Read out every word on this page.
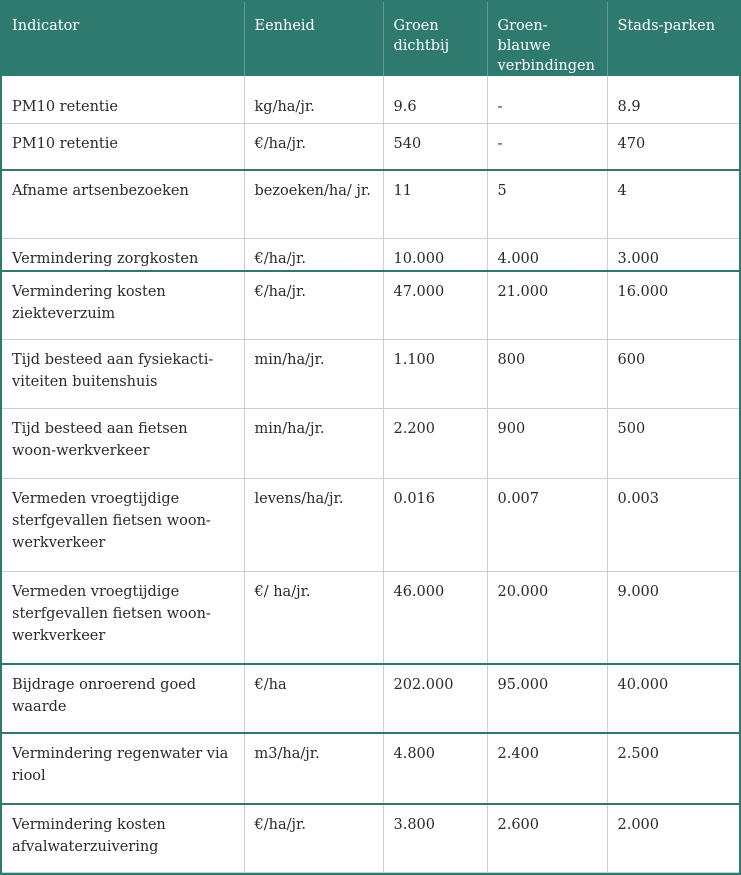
Indicator	Eenheid	Groen dichtbij	Groen-blauwe verbindingen	Stads-parken
PM10 retentie	kg/ha/jr.	9.6	-	8.9
PM10 retentie	€/ha/jr.	540	-	470
Afname artsenbezoeken	bezoeken/ha/ jr.	11	5	4
Vermindering zorgkosten	€/ha/jr.	10.000	4.000	3.000
Vermindering kosten ziekteverzuim	€/ha/jr.	47.000	21.000	16.000
Tijd besteed aan fysiekacti- viteiten buitenshuis	min/ha/jr.	1.100	800	600
Tijd besteed aan fietsen woon-werkverkeer	min/ha/jr.	2.200	900	500
Vermeden vroegtijdige sterfgevallen fietsen woon-werkverkeer	levens/ha/jr.	0.016	0.007	0.003
Vermeden vroegtijdige sterfgevallen fietsen woon-werkverkeer	€/ ha/jr.	46.000	20.000	9.000
Bijdrage onroerend goed waarde	€/ha	202.000	95.000	40.000
Vermindering regenwater via riool	m3/ha/jr.	4.800	2.400	2.500
Vermindering kosten afvalwaterzuivering	€/ha/jr.	3.800	2.600	2.000
